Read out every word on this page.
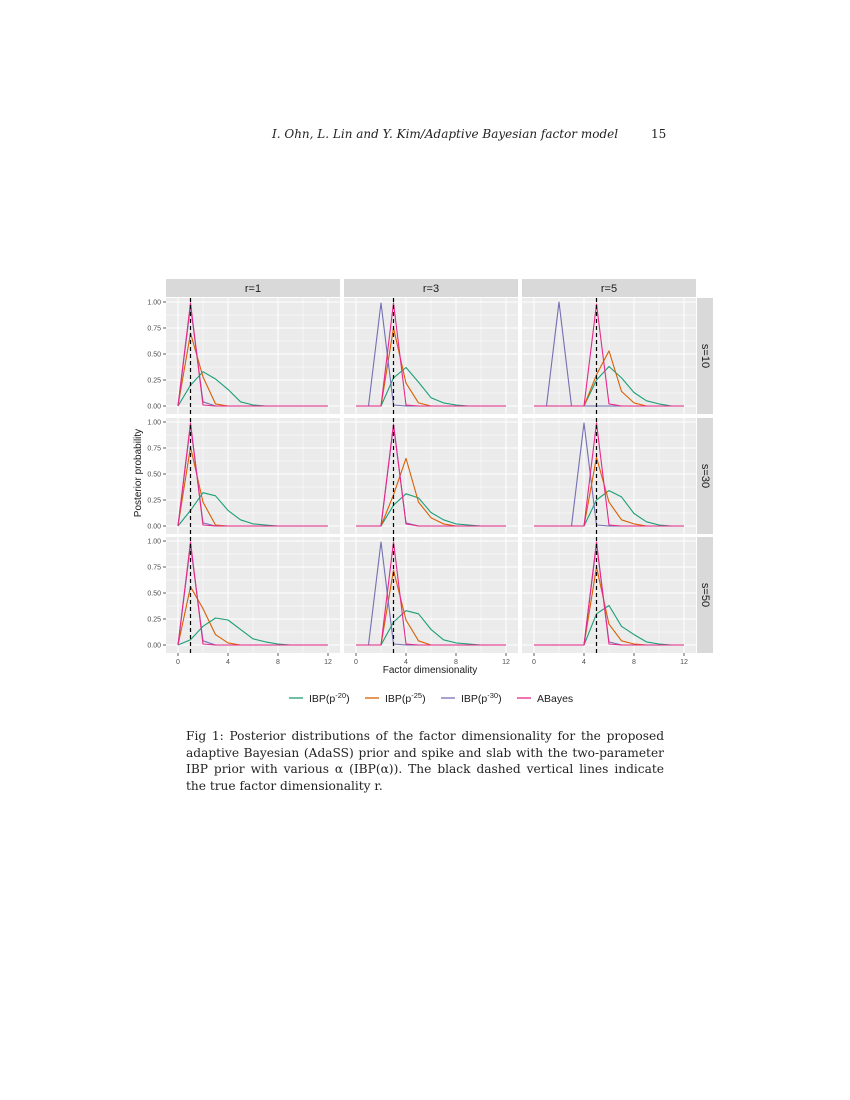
I. Ohn, L. Lin and Y. Kim/Adaptive Bayesian factor model	15
r=1	r=3	r=5
s=10
s=30
s=50
0.00
0.25
0.50
0.75
1.00
0.00
0.25
0.50
0.75
1.00
0.00
0.25
0.50
0.75
1.00
0	4	8	12	0	4	8	12	0	4	8	12
Factor dimensionality
Posterior probability
$IBP(p^{-20})$	$IBP(p^{-25})$	$IBP(p^{-30})$	ABayes
Fig 1: Posterior distributions of the factor dimensionality for the proposed adaptive Bayesian (AdaSS) prior and spike and slab with the two-parameter IBP prior with various α (IBP(α)). The black dashed vertical lines indicate the true factor dimensionality r.
